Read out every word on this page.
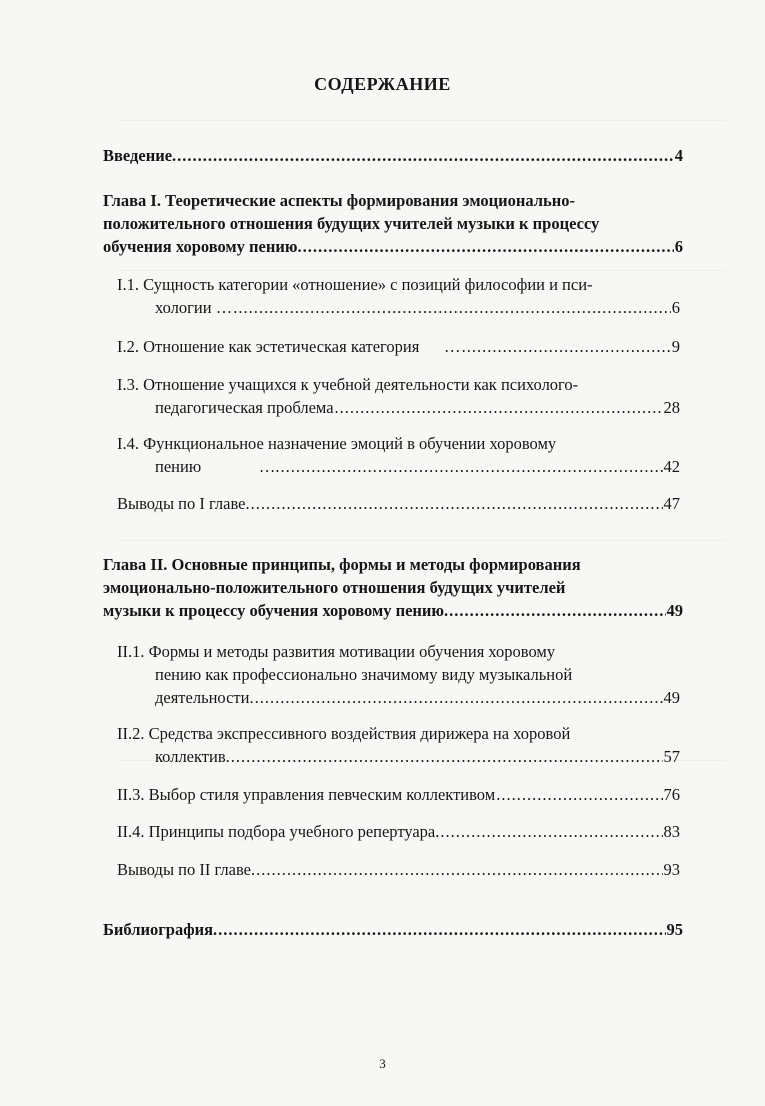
СОДЕРЖАНИЕ
Введение. .....	4
Глава I. Теоретические аспекты формирования эмоционально-
положительного отношения будущих учителей музыки к процессу
обучения хоровому пению. .....	6
I.1. Сущность категории «отношение» с позиций философии и пси-
хологии … .....	6
I.2. Отношение как эстетическая категория      … .....	9
I.3. Отношение учащихся к учебной деятельности как психолого-
педагогическая проблема .....	28
I.4. Функциональное назначение эмоций в обучении хоровому
пению              …. .....	42
Выводы по I главе. .....	47
Глава II. Основные принципы, формы и методы формирования
эмоционально-положительного отношения будущих учителей
музыки к процессу обучения хоровому пению. .....	49
II.1. Формы и методы развития мотивации обучения хоровому
пению как профессионально значимому виду музыкальной
деятельности. .....	49
II.2. Средства экспрессивного воздействия дирижера на хоровой
коллектив. .....	57
II.3. Выбор стиля управления певческим коллективом .....	76
II.4. Принципы подбора учебного репертуара. .....	83
Выводы по II главе. .....	93
Библиография. .....	95
3
